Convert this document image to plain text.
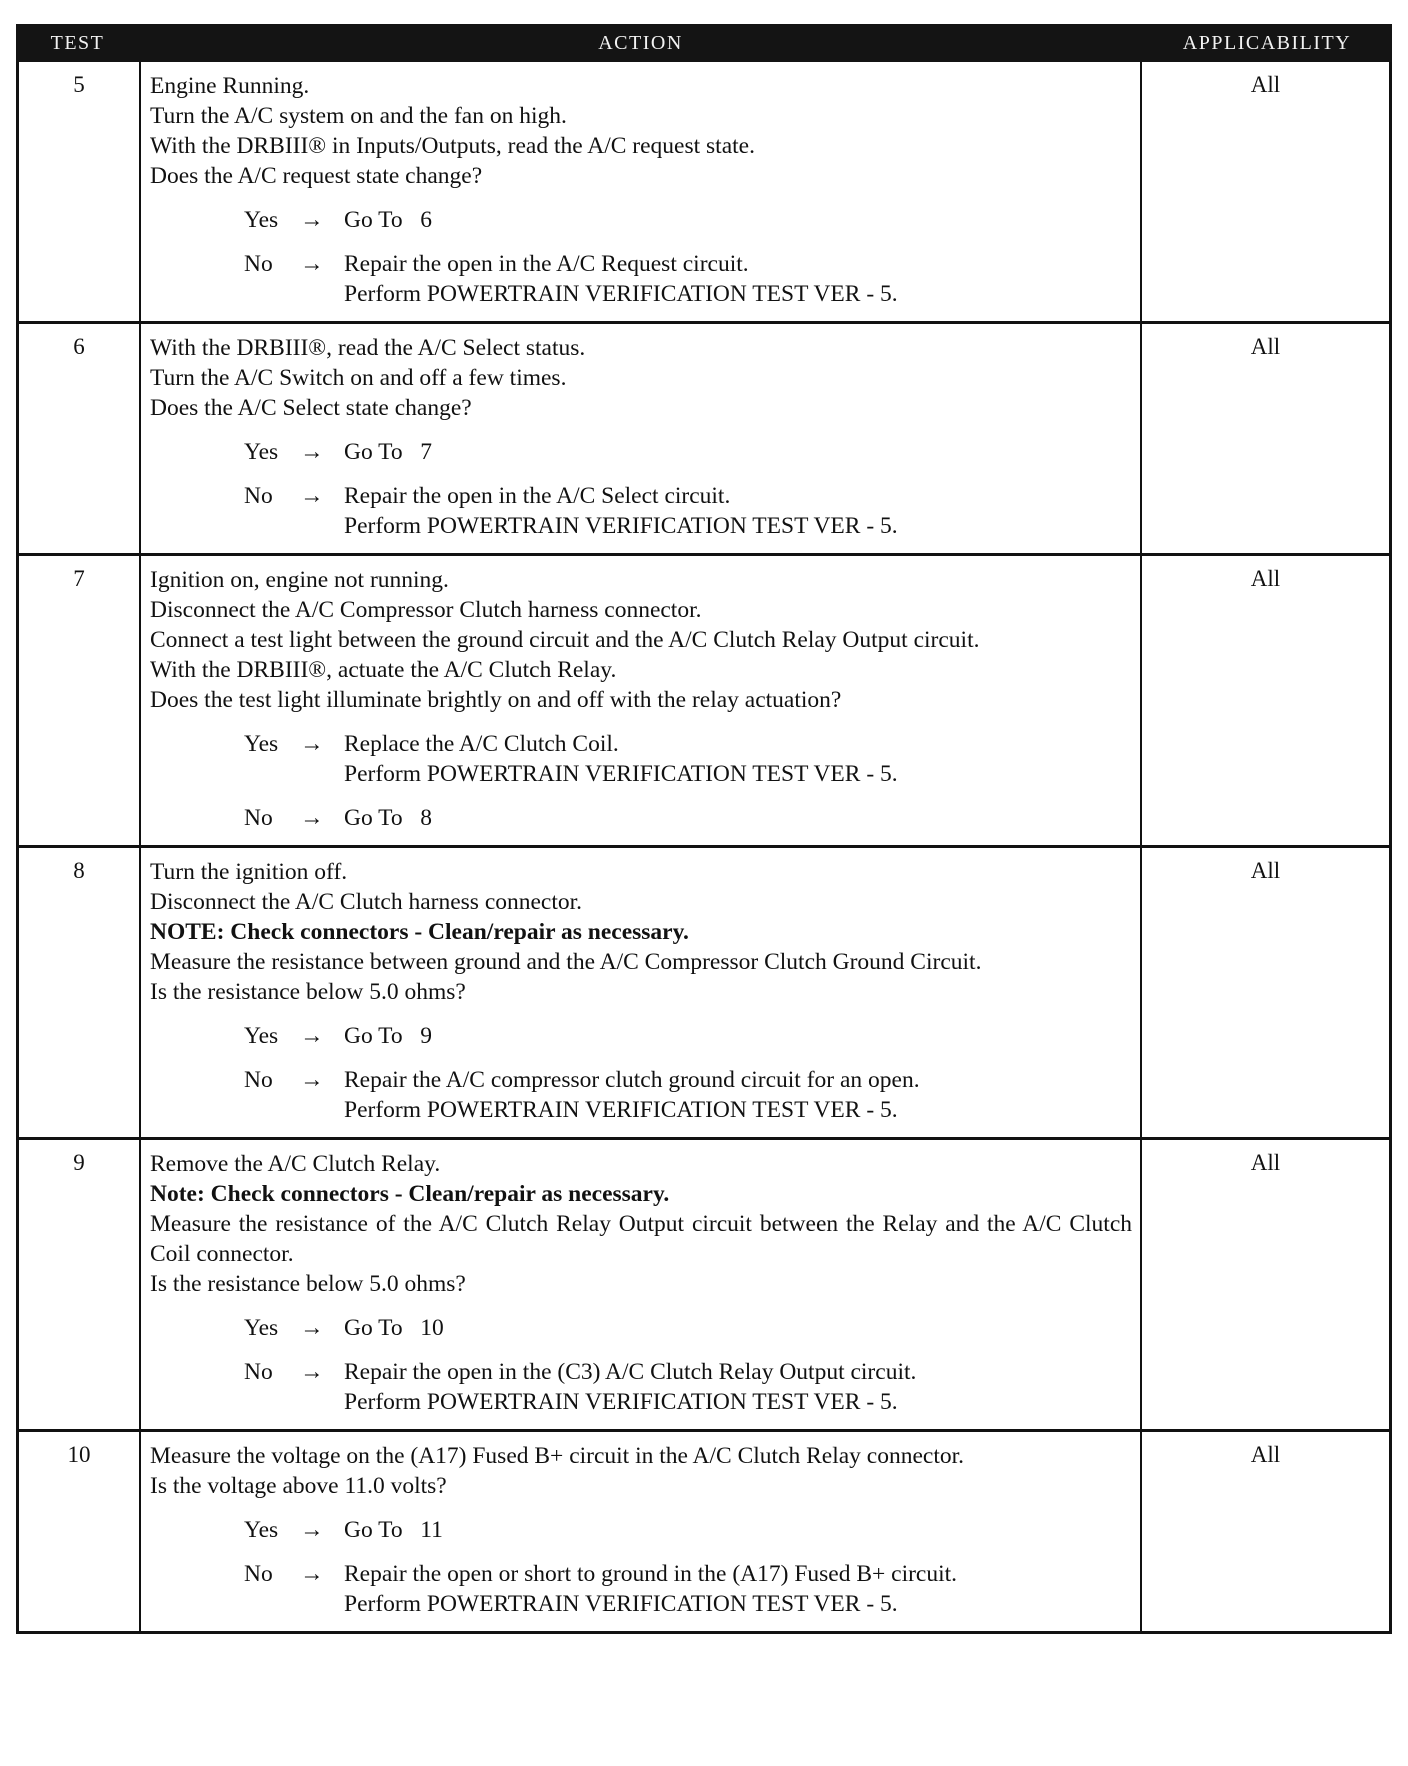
TEST	ACTION	APPLICABILITY
5	Engine Running.
Turn the A/C system on and the fan on high.
With the DRBIII® in Inputs/Outputs, read the A/C request state.
Does the A/C request state change?
Yes → Go To   6
No	→ Repair the open in the A/C Request circuit.
Perform POWERTRAIN VERIFICATION TEST VER - 5.
All
6	With the DRBIII®, read the A/C Select status.
Turn the A/C Switch on and off a few times.
Does the A/C Select state change?
Yes → Go To   7
No	→ Repair the open in the A/C Select circuit.
Perform POWERTRAIN VERIFICATION TEST VER - 5.
All
7	Ignition on, engine not running.
Disconnect the A/C Compressor Clutch harness connector.
Connect a test light between the ground circuit and the A/C Clutch Relay Output circuit.
With the DRBIII®, actuate the A/C Clutch Relay.
Does the test light illuminate brightly on and off with the relay actuation?
Yes → Replace the A/C Clutch Coil.
Perform POWERTRAIN VERIFICATION TEST VER - 5.
No	→ Go To   8
All
8	Turn the ignition off.
Disconnect the A/C Clutch harness connector.
NOTE: Check connectors - Clean/repair as necessary.
Measure the resistance between ground and the A/C Compressor Clutch Ground Circuit.
Is the resistance below 5.0 ohms?
Yes → Go To   9
No	→ Repair the A/C compressor clutch ground circuit for an open.
Perform POWERTRAIN VERIFICATION TEST VER - 5.
All
9	Remove the A/C Clutch Relay.
Note: Check connectors - Clean/repair as necessary.
Measure the resistance of the A/C Clutch Relay Output circuit between the Relay and the A/C Clutch Coil connector.
Is the resistance below 5.0 ohms?
Yes → Go To   10
No	→ Repair the open in the (C3) A/C Clutch Relay Output circuit.
Perform POWERTRAIN VERIFICATION TEST VER - 5.
All
10	Measure the voltage on the (A17) Fused B+ circuit in the A/C Clutch Relay connector.
Is the voltage above 11.0 volts?
Yes → Go To   11
No	→ Repair the open or short to ground in the (A17) Fused B+ circuit.
Perform POWERTRAIN VERIFICATION TEST VER - 5.
All
